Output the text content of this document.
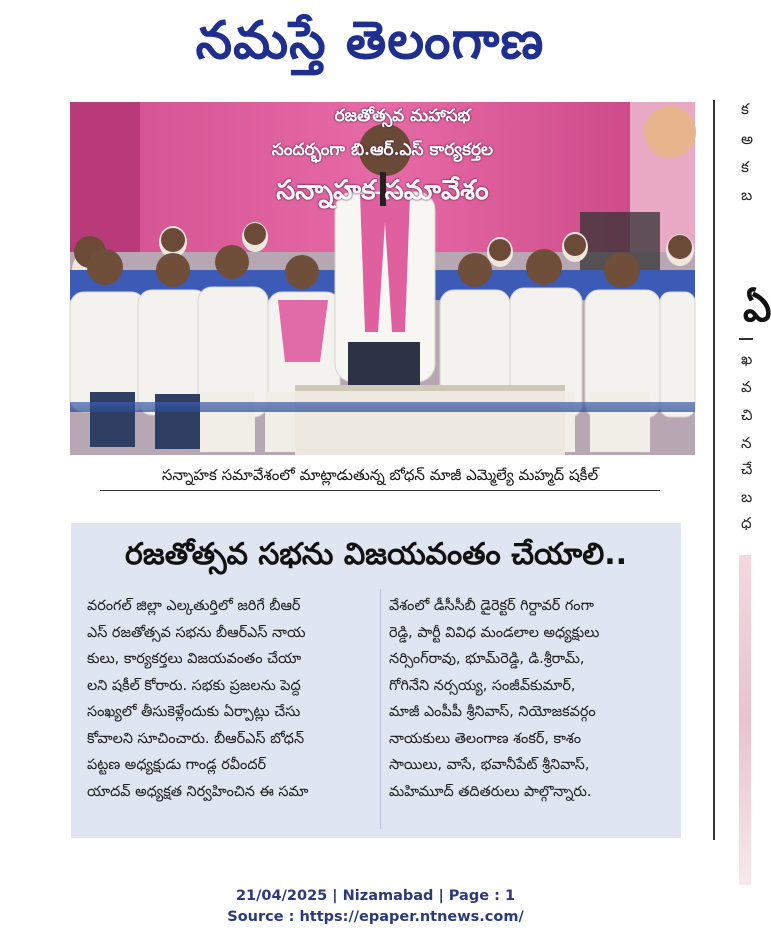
నమస్తే తెలంగాణ
రజతోత్సవ మహాసభ
సందర్భంగా బి.ఆర్.ఎస్ కార్యకర్తల
సన్నాహక సమావేశం
సన్నాహక సమావేశంలో మాట్లాడుతున్న బోధన్ మాజీ ఎమ్మెల్యే మహ్మద్ షకీల్
క
అ
క
బ
ఏ
ఖ
వ
చి
న
చే
బ
ధ
రజతోత్సవ సభను విజయవంతం చేయాలి..
వరంగల్ జిల్లా ఎల్కతుర్తిలో జరిగే బీఆర్
ఎస్ రజతోత్సవ సభను బీఆర్ఎస్ నాయ
కులు, కార్యకర్తలు విజయవంతం చేయా
లని షకీల్ కోరారు. సభకు ప్రజలను పెద్ద
సంఖ్యలో తీసుకెళ్లేందుకు ఏర్పాట్లు చేసు
కోవాలని సూచించారు. బీఆర్ఎస్ బోధన్
పట్టణ అధ్యక్షుడు గాండ్ల రవీందర్
యాదవ్ అధ్యక్షత నిర్వహించిన ఈ సమా
వేశంలో డీసీసీబీ డైరెక్టర్ గిర్దావర్ గంగా
రెడ్డి, పార్టీ వివిధ మండలాల అధ్యక్షులు
నర్సింగ్‌రావు, భూమ్‌రెడ్డి, డి.శ్రీరామ్,
గోగినేని నర్సయ్య, సంజీవ్‌కుమార్,
మాజీ ఎంపీపీ శ్రీనివాస్, నియోజకవర్గం
నాయకులు తెలంగాణ శంకర్, కాశం
సాయిలు, వాసే, భవానీపేట్ శ్రీనివాస్,
మహిమూద్ తదితరులు పాల్గొన్నారు.
21/04/2025 | Nizamabad | Page : 1
Source : https://epaper.ntnews.com/
